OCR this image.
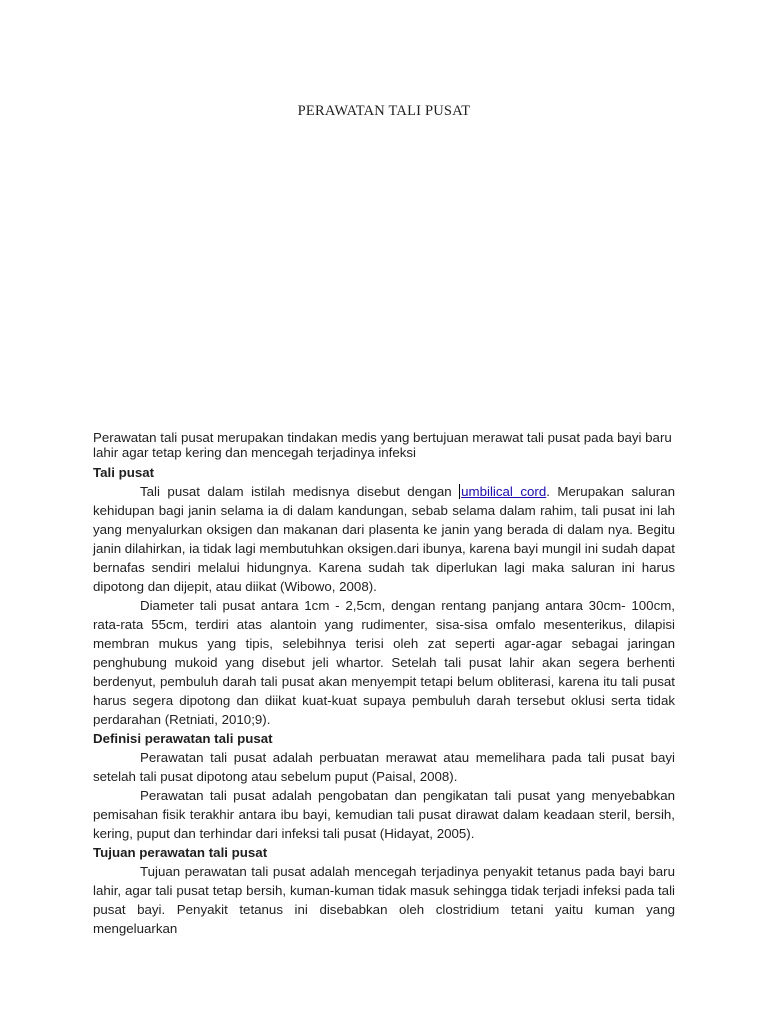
PERAWATAN TALI PUSAT

Perawatan tali pusat merupakan tindakan medis yang bertujuan merawat tali pusat pada bayi baru lahir agar tetap kering dan mencegah terjadinya infeksi

Tali pusat

Tali pusat dalam istilah medisnya disebut dengan umbilical cord. Merupakan saluran kehidupan bagi janin selama ia di dalam kandungan, sebab selama dalam rahim, tali pusat ini lah yang menyalurkan oksigen dan makanan dari plasenta ke janin yang berada di dalam nya. Begitu janin dilahirkan, ia tidak lagi membutuhkan oksigen.dari ibunya, karena bayi mungil ini sudah dapat bernafas sendiri melalui hidungnya. Karena sudah tak diperlukan lagi maka saluran ini harus dipotong dan dijepit, atau diikat (Wibowo, 2008).

Diameter tali pusat antara 1cm - 2,5cm, dengan rentang panjang antara 30cm- 100cm, rata-rata 55cm, terdiri atas alantoin yang rudimenter, sisa-sisa omfalo mesenterikus, dilapisi membran mukus yang tipis, selebihnya terisi oleh zat seperti agar-agar sebagai jaringan penghubung mukoid yang disebut jeli whartor. Setelah tali pusat lahir akan segera berhenti berdenyut, pembuluh darah tali pusat akan menyempit tetapi belum obliterasi, karena itu tali pusat harus segera dipotong dan diikat kuat-kuat supaya pembuluh darah tersebut oklusi serta tidak perdarahan (Retniati, 2010;9).

Definisi perawatan tali pusat

Perawatan tali pusat adalah perbuatan merawat atau memelihara pada tali pusat bayi setelah tali pusat dipotong atau sebelum puput (Paisal, 2008).

Perawatan tali pusat adalah pengobatan dan pengikatan tali pusat yang menyebabkan pemisahan fisik terakhir antara ibu bayi, kemudian tali pusat dirawat dalam keadaan steril, bersih, kering, puput dan terhindar dari infeksi tali pusat (Hidayat, 2005).

Tujuan perawatan tali pusat

Tujuan perawatan tali pusat adalah mencegah terjadinya penyakit tetanus pada bayi baru lahir, agar tali pusat tetap bersih, kuman-kuman tidak masuk sehingga tidak terjadi infeksi pada tali pusat bayi. Penyakit tetanus ini disebabkan oleh clostridium tetani yaitu kuman yang mengeluarkan
